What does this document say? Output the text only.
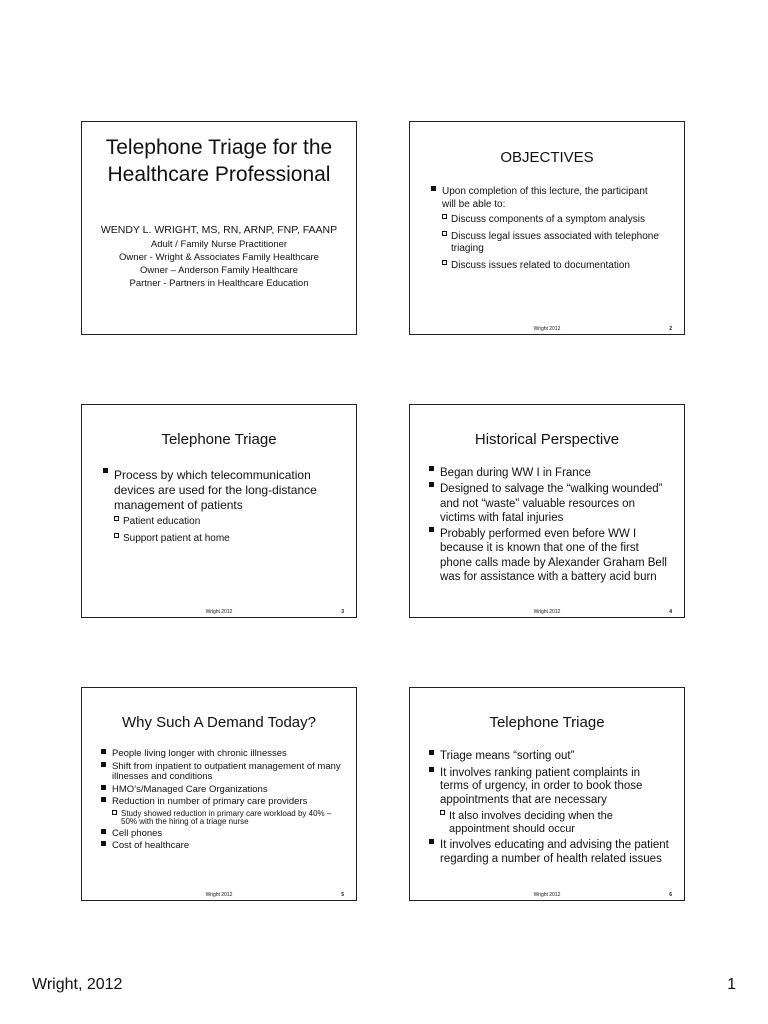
Telephone Triage for the Healthcare Professional
WENDY L. WRIGHT, MS, RN, ARNP, FNP, FAANP
Adult / Family Nurse Practitioner
Owner - Wright & Associates Family Healthcare
Owner – Anderson Family Healthcare
Partner - Partners in Healthcare Education
OBJECTIVES
Upon completion of this lecture, the participant will be able to:
Discuss components of a symptom analysis
Discuss legal issues associated with telephone triaging
Discuss issues related to documentation
Wright 2012	2
Telephone Triage
Process by which telecommunication devices are used for the long-distance management of patients
Patient education
Support patient at home
Wright 2012	3
Historical Perspective
Began during WW I in France
Designed to salvage the “walking wounded” and not “waste” valuable resources on victims with fatal injuries
Probably performed even before WW I because it is known that one of the first phone calls made by Alexander Graham Bell was for assistance with a battery acid burn
Wright 2012	4
Why Such A Demand Today?
People living longer with chronic illnesses
Shift from inpatient to outpatient management of many illnesses and conditions
HMO’s/Managed Care Organizations
Reduction in number of primary care providers
Study showed reduction in primary care workload by 40% – 50% with the hiring of a triage nurse
Cell phones
Cost of healthcare
Wright 2012	5
Telephone Triage
Triage means “sorting out”
It involves ranking patient complaints in terms of urgency, in order to book those appointments that are necessary
It also involves deciding when the appointment should occur
It involves educating and advising the patient regarding a number of health related issues
Wright 2012	6
Wright, 2012	1
